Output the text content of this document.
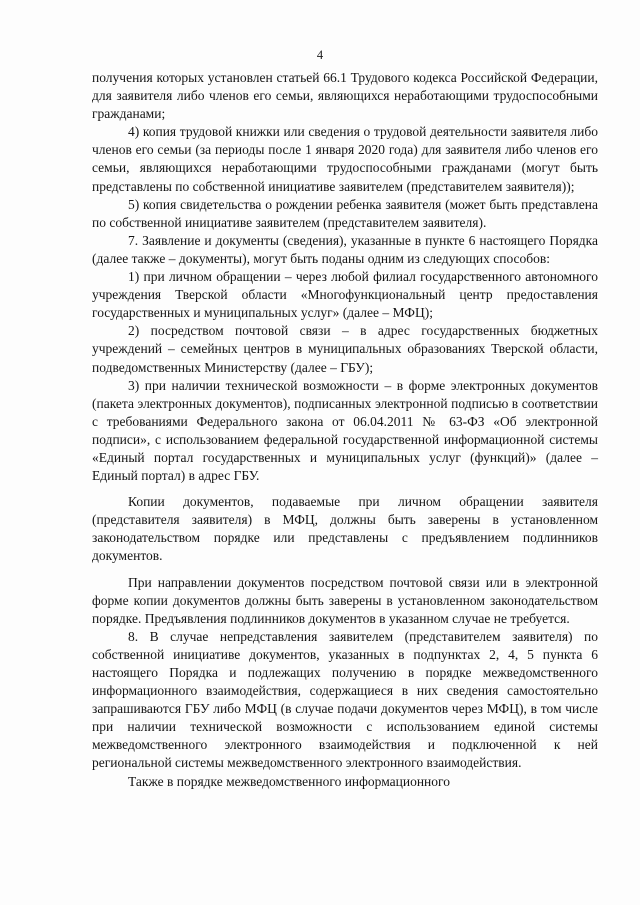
4

получения которых установлен статьей 66.1 Трудового кодекса Российской Федерации, для заявителя либо членов его семьи, являющихся неработающими трудоспособными гражданами;

4) копия трудовой книжки или сведения о трудовой деятельности заявителя либо членов его семьи (за периоды после 1 января 2020 года) для заявителя либо членов его семьи, являющихся неработающими трудоспособными гражданами (могут быть представлены по собственной инициативе заявителем (представителем заявителя));

5) копия свидетельства о рождении ребенка заявителя (может быть представлена по собственной инициативе заявителем (представителем заявителя).

7. Заявление и документы (сведения), указанные в пункте 6 настоящего Порядка (далее также – документы), могут быть поданы одним из следующих способов:

1) при личном обращении – через любой филиал государственного автономного учреждения Тверской области «Многофункциональный центр предоставления государственных и муниципальных услуг» (далее – МФЦ);

2) посредством почтовой связи – в адрес государственных бюджетных учреждений – семейных центров в муниципальных образованиях Тверской области, подведомственных Министерству (далее – ГБУ);

3) при наличии технической возможности – в форме электронных документов (пакета электронных документов), подписанных электронной подписью в соответствии с требованиями Федерального закона от 06.04.2011 № 63-ФЗ «Об электронной подписи», с использованием федеральной государственной информационной системы «Единый портал государственных и муниципальных услуг (функций)» (далее – Единый портал) в адрес ГБУ.

Копии документов, подаваемые при личном обращении заявителя (представителя заявителя) в МФЦ, должны быть заверены в установленном законодательством порядке или представлены с предъявлением подлинников документов.

При направлении документов посредством почтовой связи или в электронной форме копии документов должны быть заверены в установленном законодательством порядке. Предъявления подлинников документов в указанном случае не требуется.

8. В случае непредставления заявителем (представителем заявителя) по собственной инициативе документов, указанных в подпунктах 2, 4, 5 пункта 6 настоящего Порядка и подлежащих получению в порядке межведомственного информационного взаимодействия, содержащиеся в них сведения самостоятельно запрашиваются ГБУ либо МФЦ (в случае подачи документов через МФЦ), в том числе при наличии технической возможности с использованием единой системы межведомственного электронного взаимодействия и подключенной к ней региональной системы межведомственного электронного взаимодействия.

Также в порядке межведомственного информационного
